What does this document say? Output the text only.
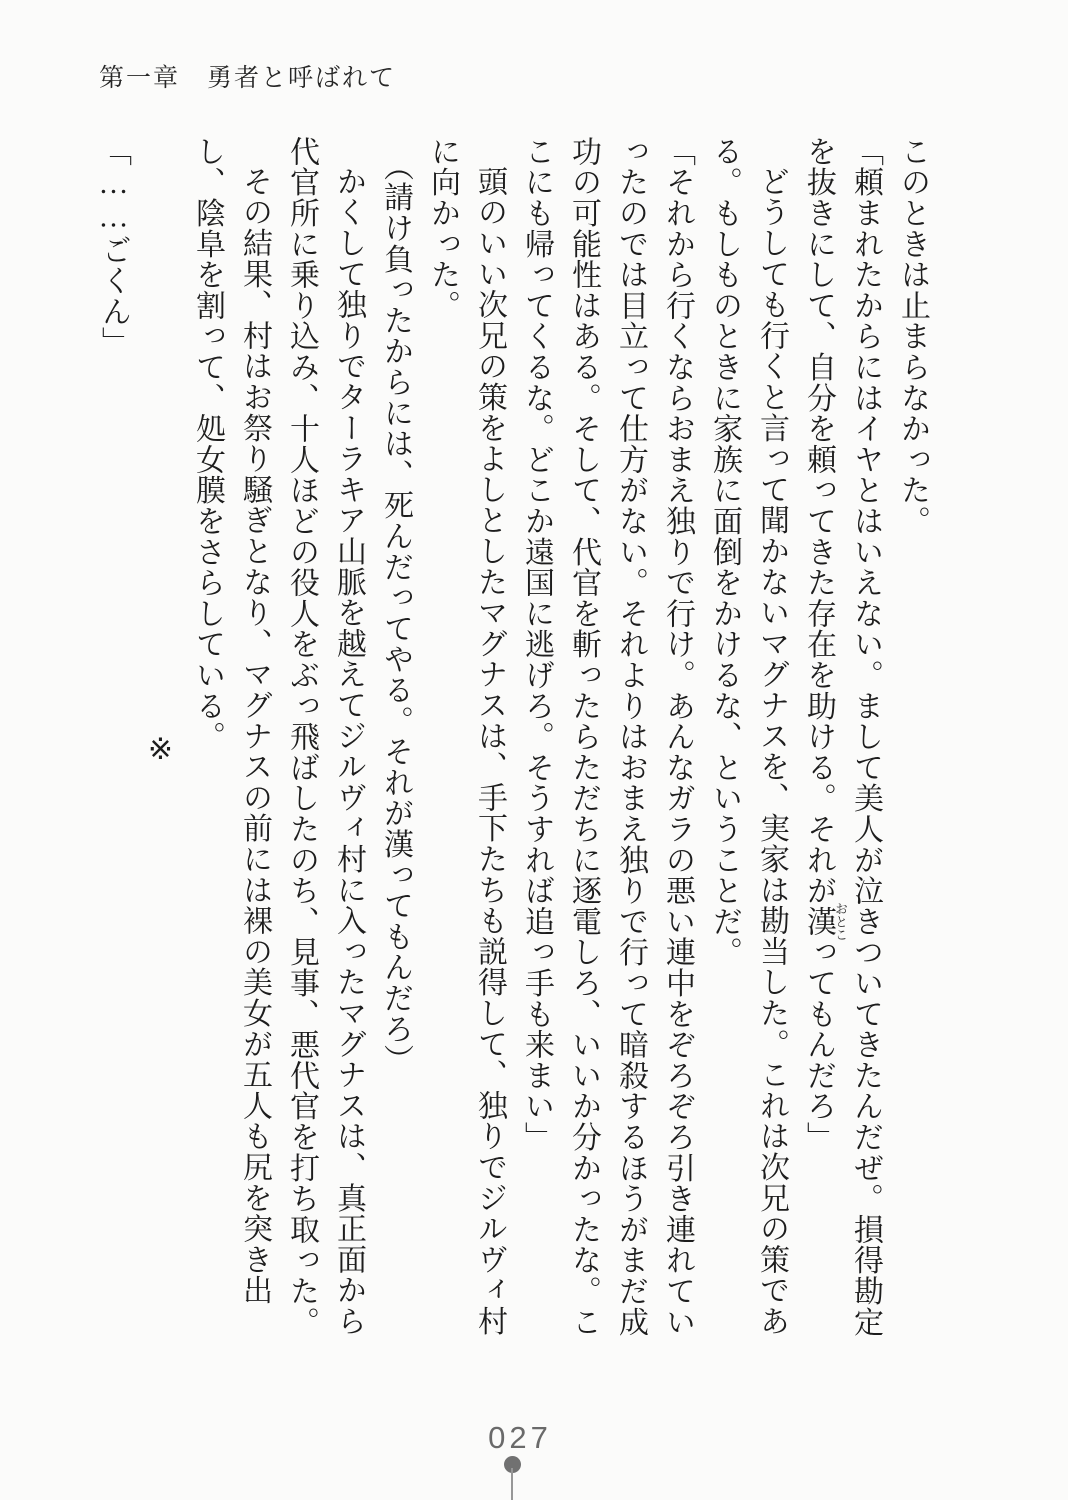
第一章　勇者と呼ばれて

このときは止まらなかった。

「頼まれたからにはイヤとはいえない。まして美人が泣きついてきたんだぜ。損得勘定を抜きにして、自分を頼ってきた存在を助ける。それが漢おとこってもんだろ」

どうしても行くと言って聞かないマグナスを、実家は勘当した。これは次兄の策である。もしものときに家族に面倒をかけるな、ということだ。

「それから行くならおまえ独りで行け。あんなガラの悪い連中をぞろぞろ引き連れていったのでは目立って仕方がない。それよりはおまえ独りで行って暗殺するほうがまだ成功の可能性はある。そして、代官を斬ったらただちに逐電しろ、いいか分かったな。ここにも帰ってくるな。どこか遠国に逃げろ。そうすれば追っ手も来まい」

頭のいい次兄の策をよしとしたマグナスは、手下たちも説得して、独りでジルヴィ村に向かった。

（請け負ったからには、死んだってやる。それが漢ってもんだろ）

かくして独りでターラキア山脈を越えてジルヴィ村に入ったマグナスは、真正面から代官所に乗り込み、十人ほどの役人をぶっ飛ばしたのち、見事、悪代官を打ち取った。

その結果、村はお祭り騒ぎとなり、マグナスの前には裸の美女が五人も尻を突き出し、陰阜を割って、処女膜をさらしている。

※

「……ごくん」

027
